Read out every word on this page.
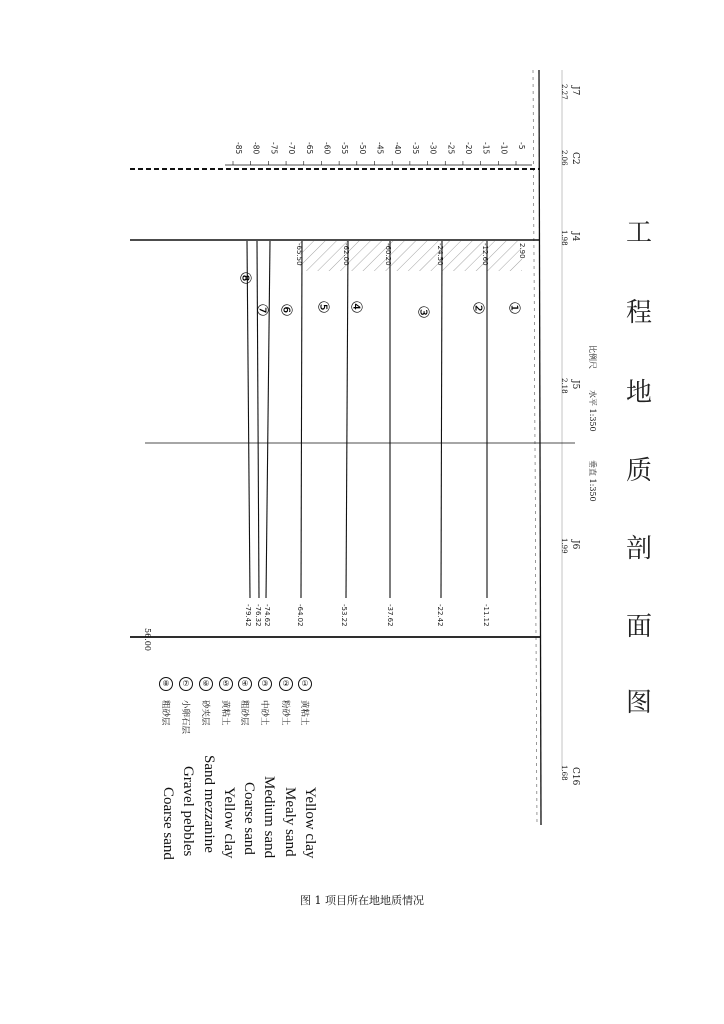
-85 -80 -75 -70 -65 -60 -55 -50 -45 -40 -35 -30 -25 -20 -15 -10 -5
①
②
③
④
⑤
⑥
⑦
⑧
-65.50	-62.00	-60.20	-24.50	-12.60	2.90
-79.42 -76.32 -74.62	-64.02	-53.22	-37.62	-22.42	-11.12
工
程
地
质
剖
面
图
J7
2.27
C2
2.06
J4
1.98
J5
2.18
J6
1.99
C16
1.68
比例尺
水平 1:350
垂直 1:350
56.00
①
黄粘土
Yellow clay
②
粉砂土
Mealy sand
③
中砂土
Medium sand
④
粗砂层
Coarse sand
⑤
黄粘土
Yellow clay
⑥
砂夹层
Sand mezzanine
⑦
小卵石层
Gravel pebbles
⑧
粗砂层
Coarse sand
图 1 项目所在地地质情况
